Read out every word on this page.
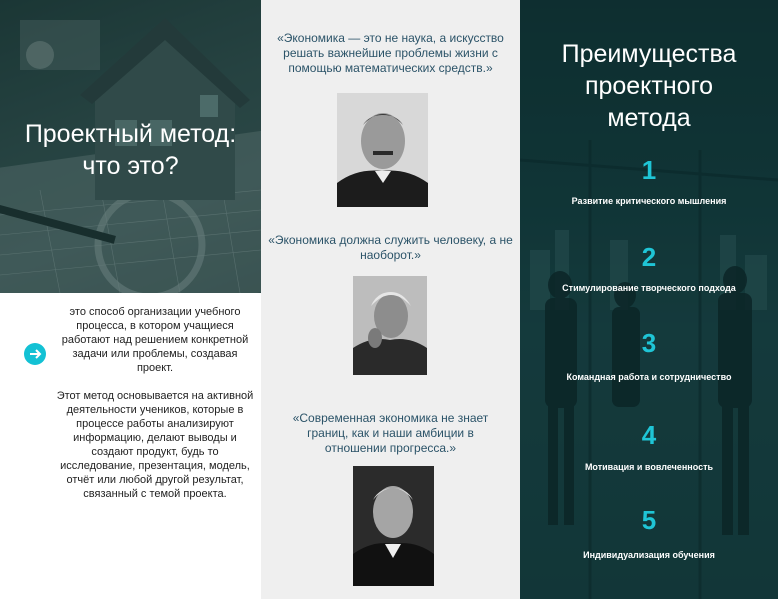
Проектный метод:
что это?

это способ организации учебного процесса, в котором учащиеся работают над решением конкретной задачи или проблемы, создавая проект.

Этот метод основывается на активной деятельности учеников, которые в процессе работы анализируют информацию, делают выводы и создают продукт, будь то исследование, презентация, модель, отчёт или любой другой результат, связанный с темой проекта.

«Экономика — это не наука, а искусство решать важнейшие проблемы жизни с помощью математических средств.»
«Экономика должна служить человеку, а не наоборот.»
«Современная экономика не знает границ, как и наши амбиции в отношении прогресса.»
Преимущества
проектного
метода
1
Развитие критического мышления
2
Стимулирование творческого подхода
3
Командная работа и сотрудничество
4
Мотивация и вовлеченность
5
Индивидуализация обучения
